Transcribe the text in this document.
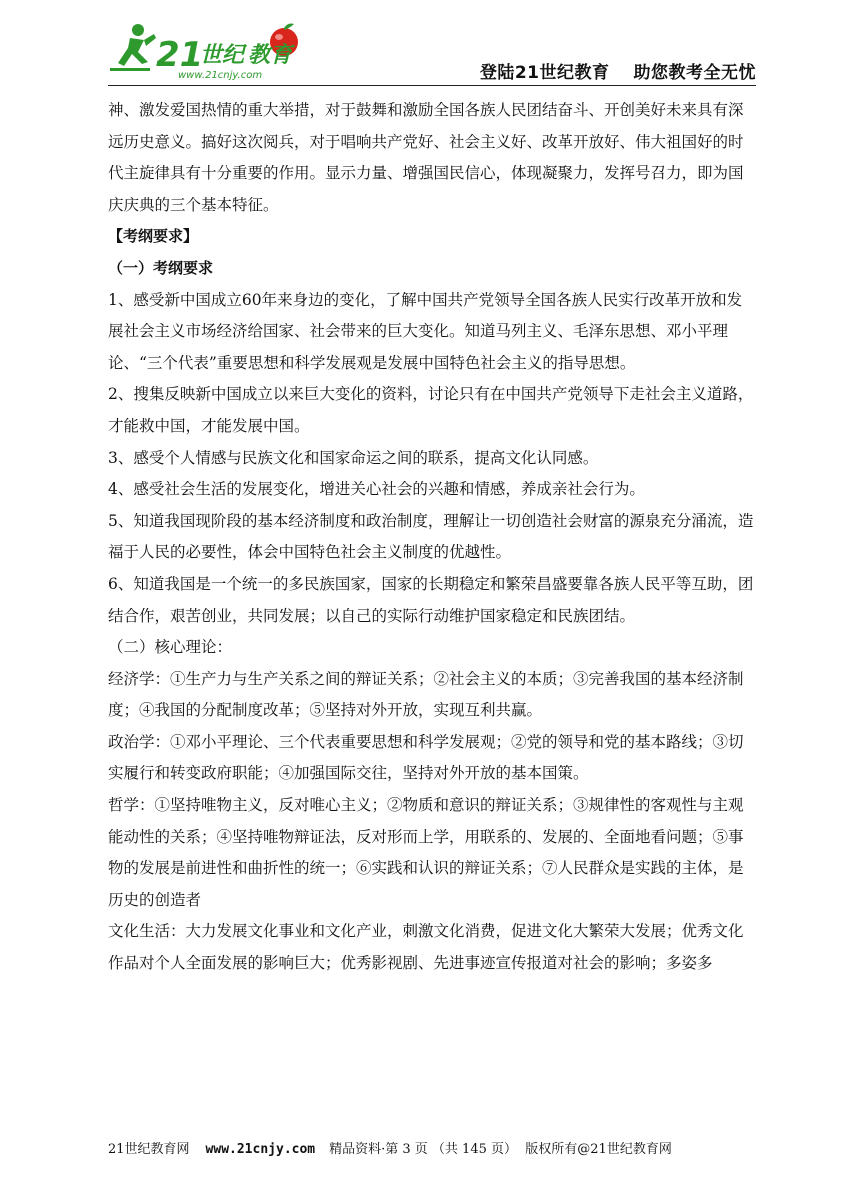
21
世纪 教育
www.21cnjy.com	登陆21世纪教育 助您教考全无忧

神、激发爱国热情的重大举措，对于鼓舞和激励全国各族人民团结奋斗、开创美好未来具有深远历史意义。搞好这次阅兵，对于唱响共产党好、社会主义好、改革开放好、伟大祖国好的时代主旋律具有十分重要的作用。显示力量、增强国民信心，体现凝聚力，发挥号召力，即为国庆庆典的三个基本特征。

【考纲要求】

（一）考纲要求

1、感受新中国成立60年来身边的变化，了解中国共产党领导全国各族人民实行改革开放和发展社会主义市场经济给国家、社会带来的巨大变化。知道马列主义、毛泽东思想、邓小平理论、“三个代表”重要思想和科学发展观是发展中国特色社会主义的指导思想。

2、搜集反映新中国成立以来巨大变化的资料，讨论只有在中国共产党领导下走社会主义道路，才能救中国，才能发展中国。

3、感受个人情感与民族文化和国家命运之间的联系，提高文化认同感。

4、感受社会生活的发展变化，增进关心社会的兴趣和情感，养成亲社会行为。

5、知道我国现阶段的基本经济制度和政治制度，理解让一切创造社会财富的源泉充分涌流，造福于人民的必要性，体会中国特色社会主义制度的优越性。

6、知道我国是一个统一的多民族国家，国家的长期稳定和繁荣昌盛要靠各族人民平等互助，团结合作，艰苦创业，共同发展；以自己的实际行动维护国家稳定和民族团结。

（二）核心理论：

经济学：①生产力与生产关系之间的辩证关系；②社会主义的本质；③完善我国的基本经济制度；④我国的分配制度改革；⑤坚持对外开放，实现互利共赢。

政治学：①邓小平理论、三个代表重要思想和科学发展观；②党的领导和党的基本路线；③切实履行和转变政府职能；④加强国际交往，坚持对外开放的基本国策。

哲学：①坚持唯物主义，反对唯心主义；②物质和意识的辩证关系；③规律性的客观性与主观能动性的关系；④坚持唯物辩证法，反对形而上学，用联系的、发展的、全面地看问题；⑤事物的发展是前进性和曲折性的统一；⑥实践和认识的辩证关系；⑦人民群众是实践的主体，是历史的创造者

文化生活：大力发展文化事业和文化产业，刺激文化消费，促进文化大繁荣大发展；优秀文化作品对个人全面发展的影响巨大；优秀影视剧、先进事迹宣传报道对社会的影响；多姿多

21世纪教育网 www.21cnjy.com 精品资料·第 3 页 （共 145 页） 版权所有@21世纪教育网
